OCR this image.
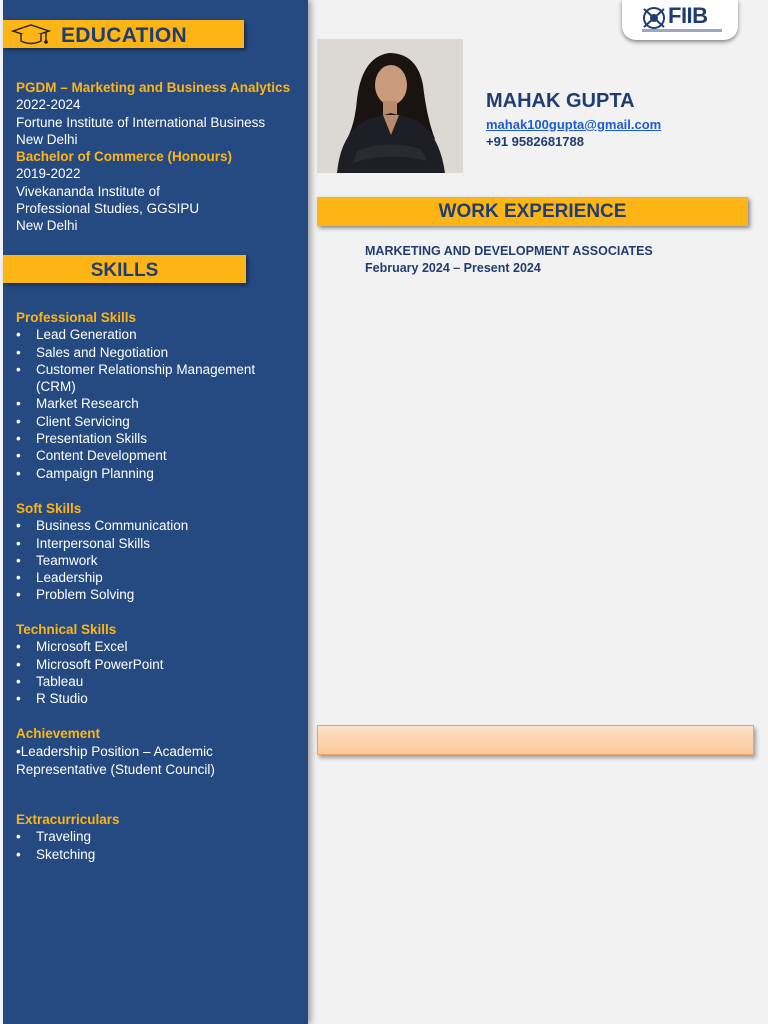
EDUCATION
PGDM – Marketing and Business Analytics
2022-2024
Fortune Institute of International Business
New Delhi
Bachelor of Commerce (Honours)
2019-2022
Vivekananda Institute of
Professional Studies, GGSIPU
New Delhi
SKILLS
Professional Skills
• Lead Generation
• Sales and Negotiation
• Customer Relationship Management (CRM)
• Market Research
• Client Servicing
• Presentation Skills
• Content Development
• Campaign Planning
Soft Skills
• Business Communication
• Interpersonal Skills
• Teamwork
• Leadership
• Problem Solving
Technical Skills
• Microsoft Excel
• Microsoft PowerPoint
• Tableau
• R Studio
Achievement
•Leadership Position – Academic Representative (Student Council)
Extracurriculars
• Traveling
• Sketching
FIIB
MAHAK GUPTA
mahak100gupta@gmail.com
+91 9582681788
WORK EXPERIENCE
MARKETING AND DEVELOPMENT ASSOCIATES
February 2024 – Present 2024
